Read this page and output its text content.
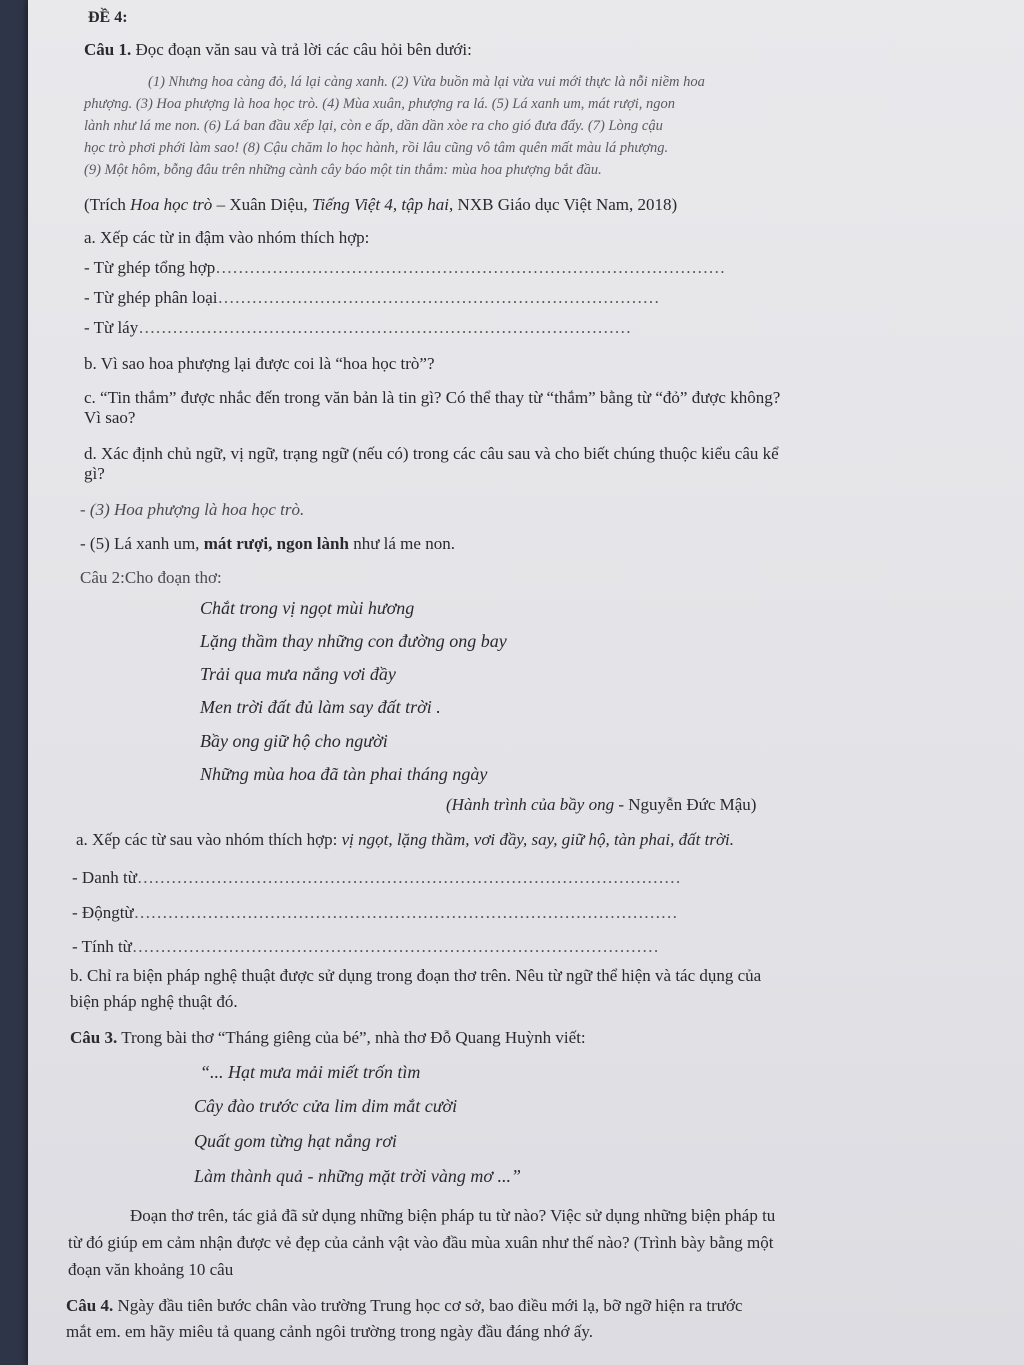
ĐỀ 4:
Câu 1. Đọc đoạn văn sau và trả lời các câu hỏi bên dưới:
(1) Nhưng hoa càng đỏ, lá lại càng xanh. (2) Vừa buồn mà lại vừa vui mới thực là nỗi niềm hoa
phượng. (3) Hoa phượng là hoa học trò. (4) Mùa xuân, phượng ra lá. (5) Lá xanh um, mát rượi, ngon
lành như lá me non. (6) Lá ban đầu xếp lại, còn e ấp, dần dần xòe ra cho gió đưa đẩy. (7) Lòng cậu
học trò phơi phới làm sao! (8) Cậu chăm lo học hành, rồi lâu cũng vô tâm quên mất màu lá phượng.
(9) Một hôm, bỗng đâu trên những cành cây báo một tin thắm: mùa hoa phượng bắt đầu.
(Trích Hoa học trò – Xuân Diệu, Tiếng Việt 4, tập hai, NXB Giáo dục Việt Nam, 2018)
a. Xếp các từ in đậm vào nhóm thích hợp:
- Từ ghép tổng hợp………………………………………………………………………………
- Từ ghép phân loại……………………………………………………………………
- Từ láy……………………………………………………………………………
b. Vì sao hoa phượng lại được coi là “hoa học trò”?
c. “Tin thắm” được nhắc đến trong văn bản là tin gì? Có thể thay từ “thắm” bằng từ “đỏ” được không?
Vì sao?
d. Xác định chủ ngữ, vị ngữ, trạng ngữ (nếu có) trong các câu sau và cho biết chúng thuộc kiểu câu kể
gì?
- (3) Hoa phượng là hoa học trò.
- (5) Lá xanh um, mát rượi, ngon lành như lá me non.
Câu 2:Cho đoạn thơ:
Chắt trong vị ngọt mùi hương
Lặng thầm thay những con đường ong bay
Trải qua mưa nắng vơi đầy
Men trời đất đủ làm say đất trời .
Bầy ong giữ hộ cho người
Những mùa hoa đã tàn phai tháng ngày
(Hành trình của bầy ong - Nguyễn Đức Mậu)
a. Xếp các từ sau vào nhóm thích hợp: vị ngọt, lặng thầm, vơi đầy, say, giữ hộ, tàn phai, đất trời.
- Danh từ……………………………………………………………………………………
- Độngtừ……………………………………………………………………………………
- Tính từ…………………………………………………………………………………
b. Chỉ ra biện pháp nghệ thuật được sử dụng trong đoạn thơ trên. Nêu từ ngữ thể hiện và tác dụng của
biện pháp nghệ thuật đó.
Câu 3. Trong bài thơ “Tháng giêng của bé”, nhà thơ Đỗ Quang Huỳnh viết:
“... Hạt mưa mải miết trốn tìm
Cây đào trước cửa lim dim mắt cười
Quất gom từng hạt nắng rơi
Làm thành quả - những mặt trời vàng mơ ...”
Đoạn thơ trên, tác giả đã sử dụng những biện pháp tu từ nào? Việc sử dụng những biện pháp tu
từ đó giúp em cảm nhận được vẻ đẹp của cảnh vật vào đầu mùa xuân như thế nào? (Trình bày bằng một
đoạn văn khoảng 10 câu
Câu 4. Ngày đầu tiên bước chân vào trường Trung học cơ sở, bao điều mới lạ, bỡ ngỡ hiện ra trước
mắt em. em hãy miêu tả quang cảnh ngôi trường trong ngày đầu đáng nhớ ấy.
